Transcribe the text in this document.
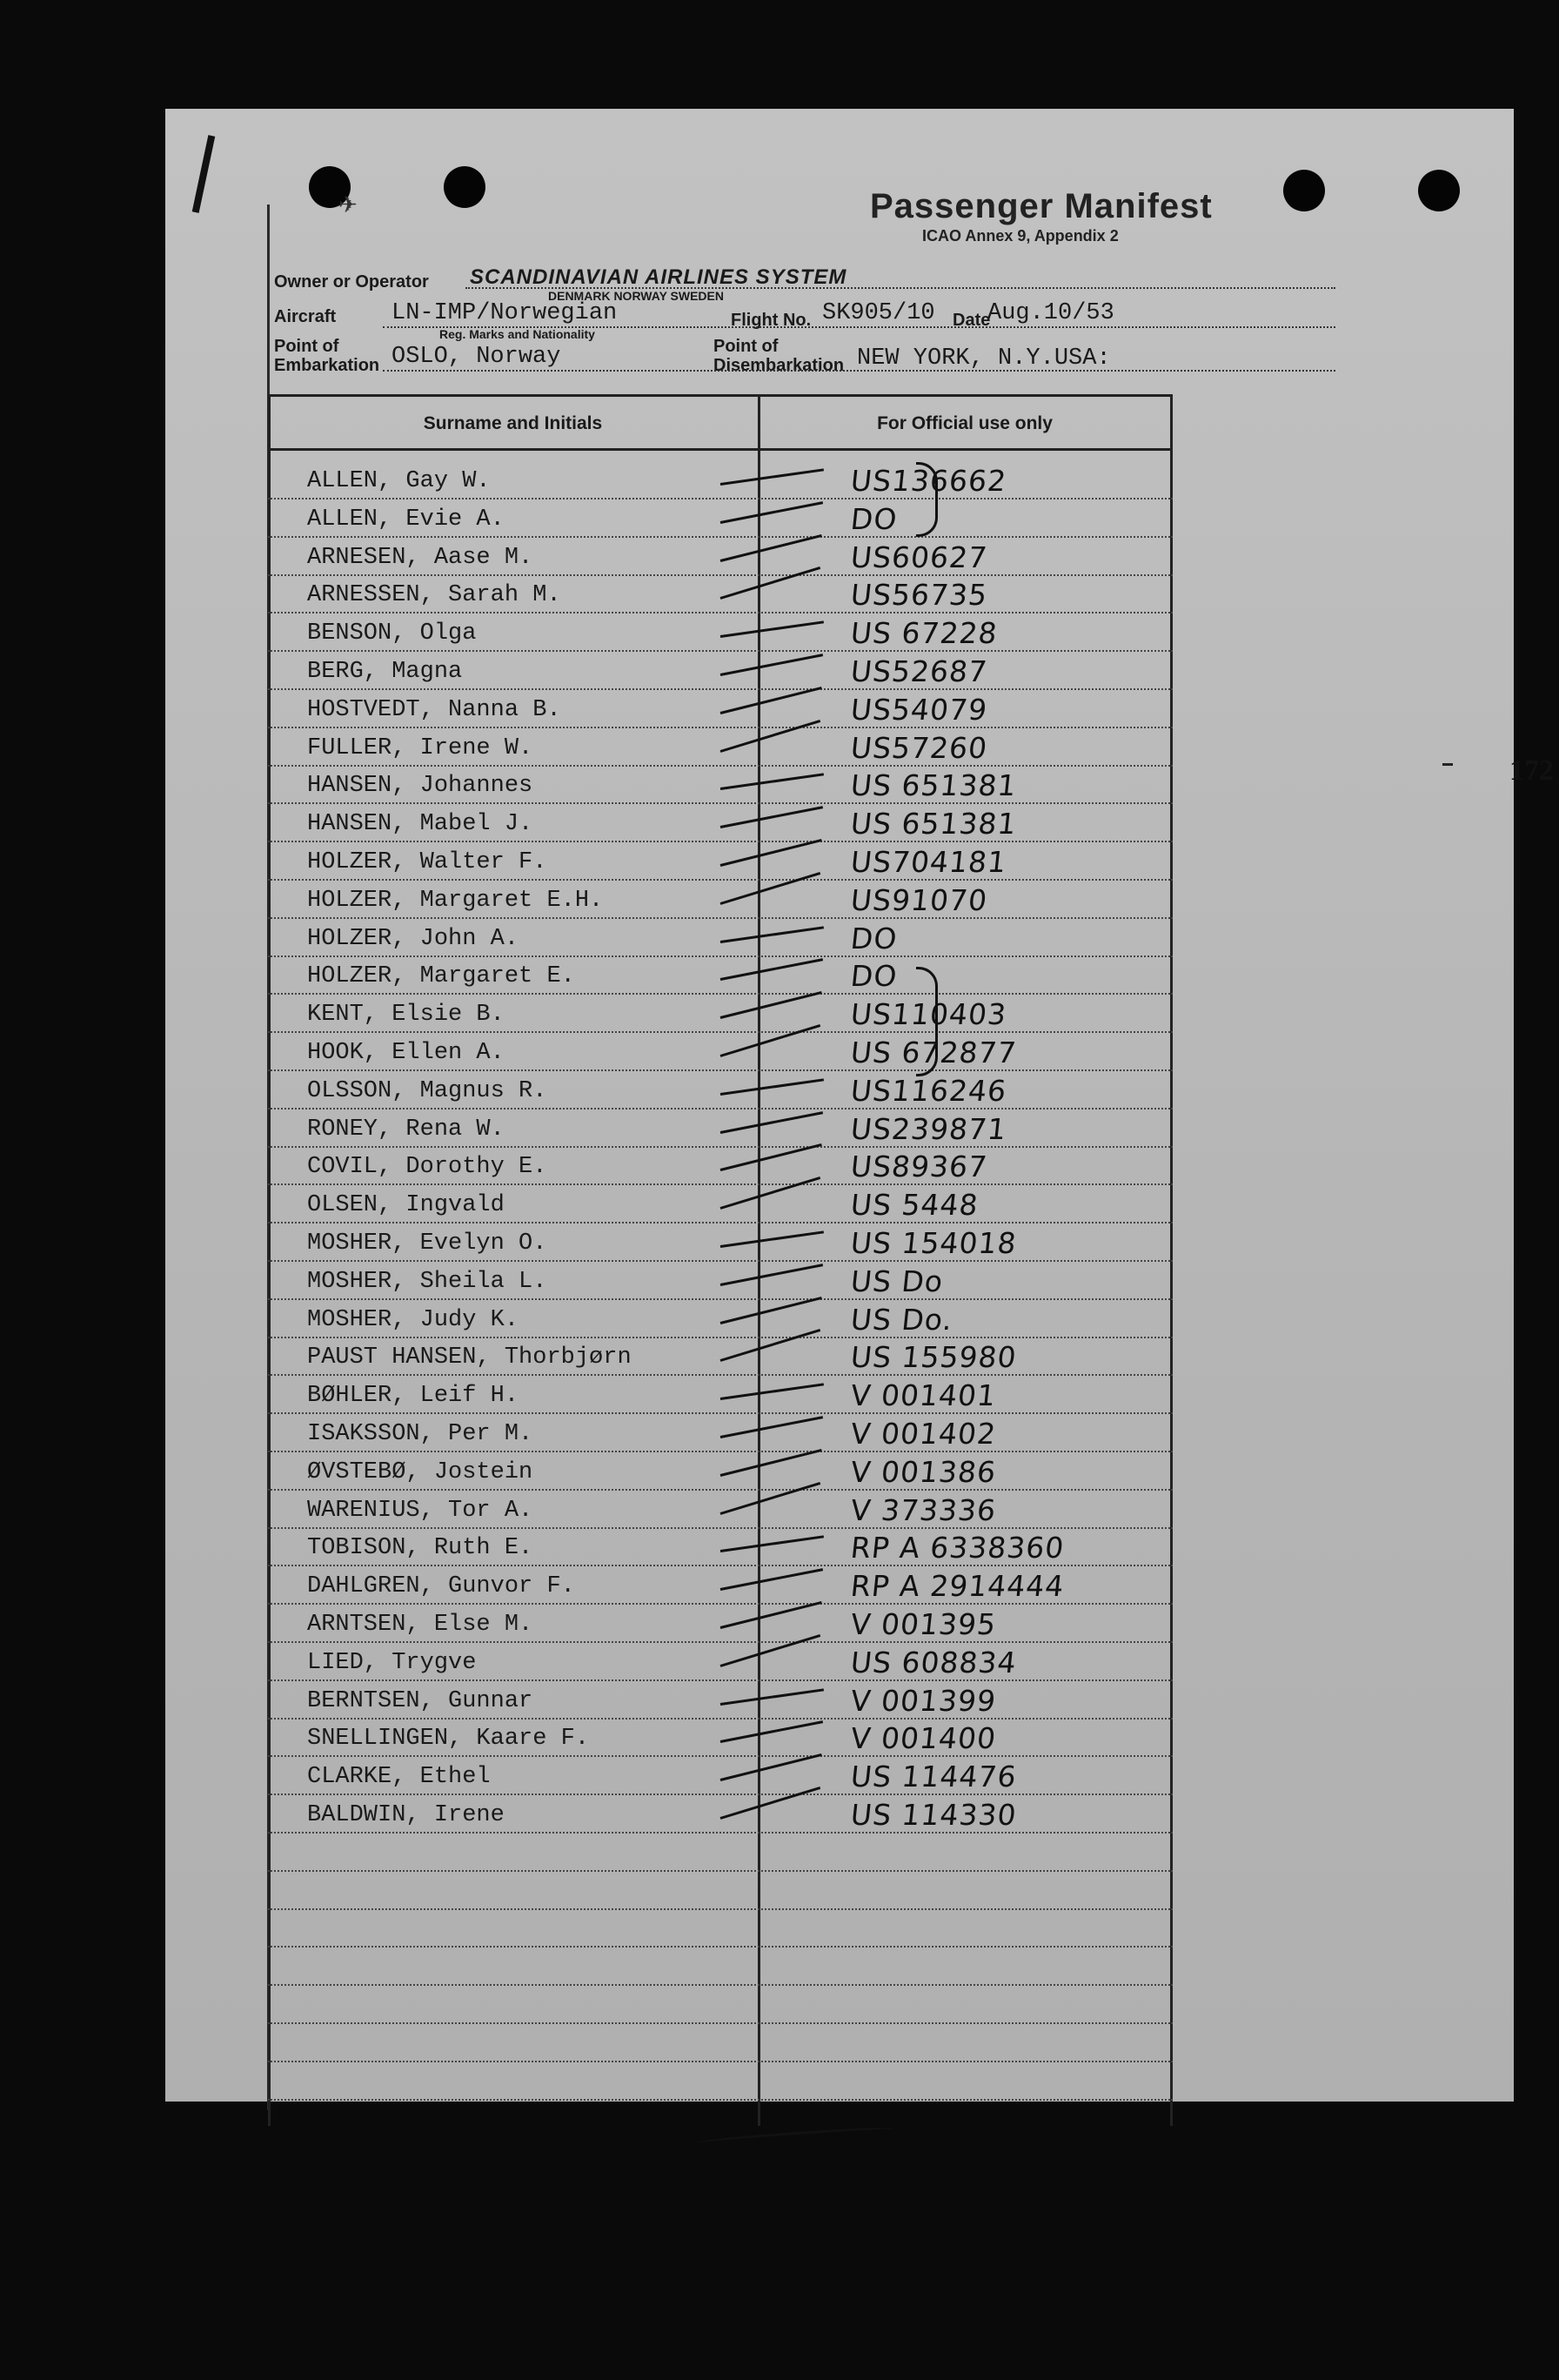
✈	Passenger Manifest
ICAO Annex 9, Appendix 2
Owner or Operator SCANDINAVIAN AIRLINES SYSTEM
DENMARK NORWAY SWEDEN
Aircraft LN-IMP/Norwegian
Reg. Marks and Nationality
Flight No. SK905/10 Date
Aug.10/53
Point of Embarkation OSLO, Norway	Point of Disembarkation NEW YORK, N.Y.USA:
Surname and Initials	For Official use only
ALLEN, Gay W.	US136662
ALLEN, Evie A.	DO
ARNESEN, Aase M.	US60627
ARNESSEN, Sarah M.	US56735
BENSON, Olga	US 67228
BERG, Magna	US52687
HOSTVEDT, Nanna B.	US54079
FULLER, Irene W.	US57260
HANSEN, Johannes	US 651381
HANSEN, Mabel J.	US 651381
HOLZER, Walter F.	US704181
HOLZER, Margaret E.H.	US91070
HOLZER, John A.	DO
HOLZER, Margaret E.	DO
KENT, Elsie B.	US110403
HOOK, Ellen A.	US 672877
OLSSON, Magnus R.	US116246
RONEY, Rena W.	US239871
COVIL, Dorothy E.	US89367
OLSEN, Ingvald	US 5448
MOSHER, Evelyn O.	US 154018
MOSHER, Sheila L.	US Do
MOSHER, Judy K.	US Do.
PAUST HANSEN, Thorbjørn	US 155980
BØHLER, Leif H.	V 001401
ISAKSSON, Per M.	V 001402
ØVSTEBØ, Jostein	V 001386
WARENIUS, Tor A.	V 373336
TOBISON, Ruth E.	RP A 6338360
DAHLGREN, Gunvor F.	RP A 2914444
ARNTSEN, Else M.	V 001395
LIED, Trygve	US 608834
BERNTSEN, Gunnar	V 001399
SNELLINGEN, Kaare F.	V 001400
CLARKE, Ethel	US 114476
BALDWIN, Irene	US 114330
172
